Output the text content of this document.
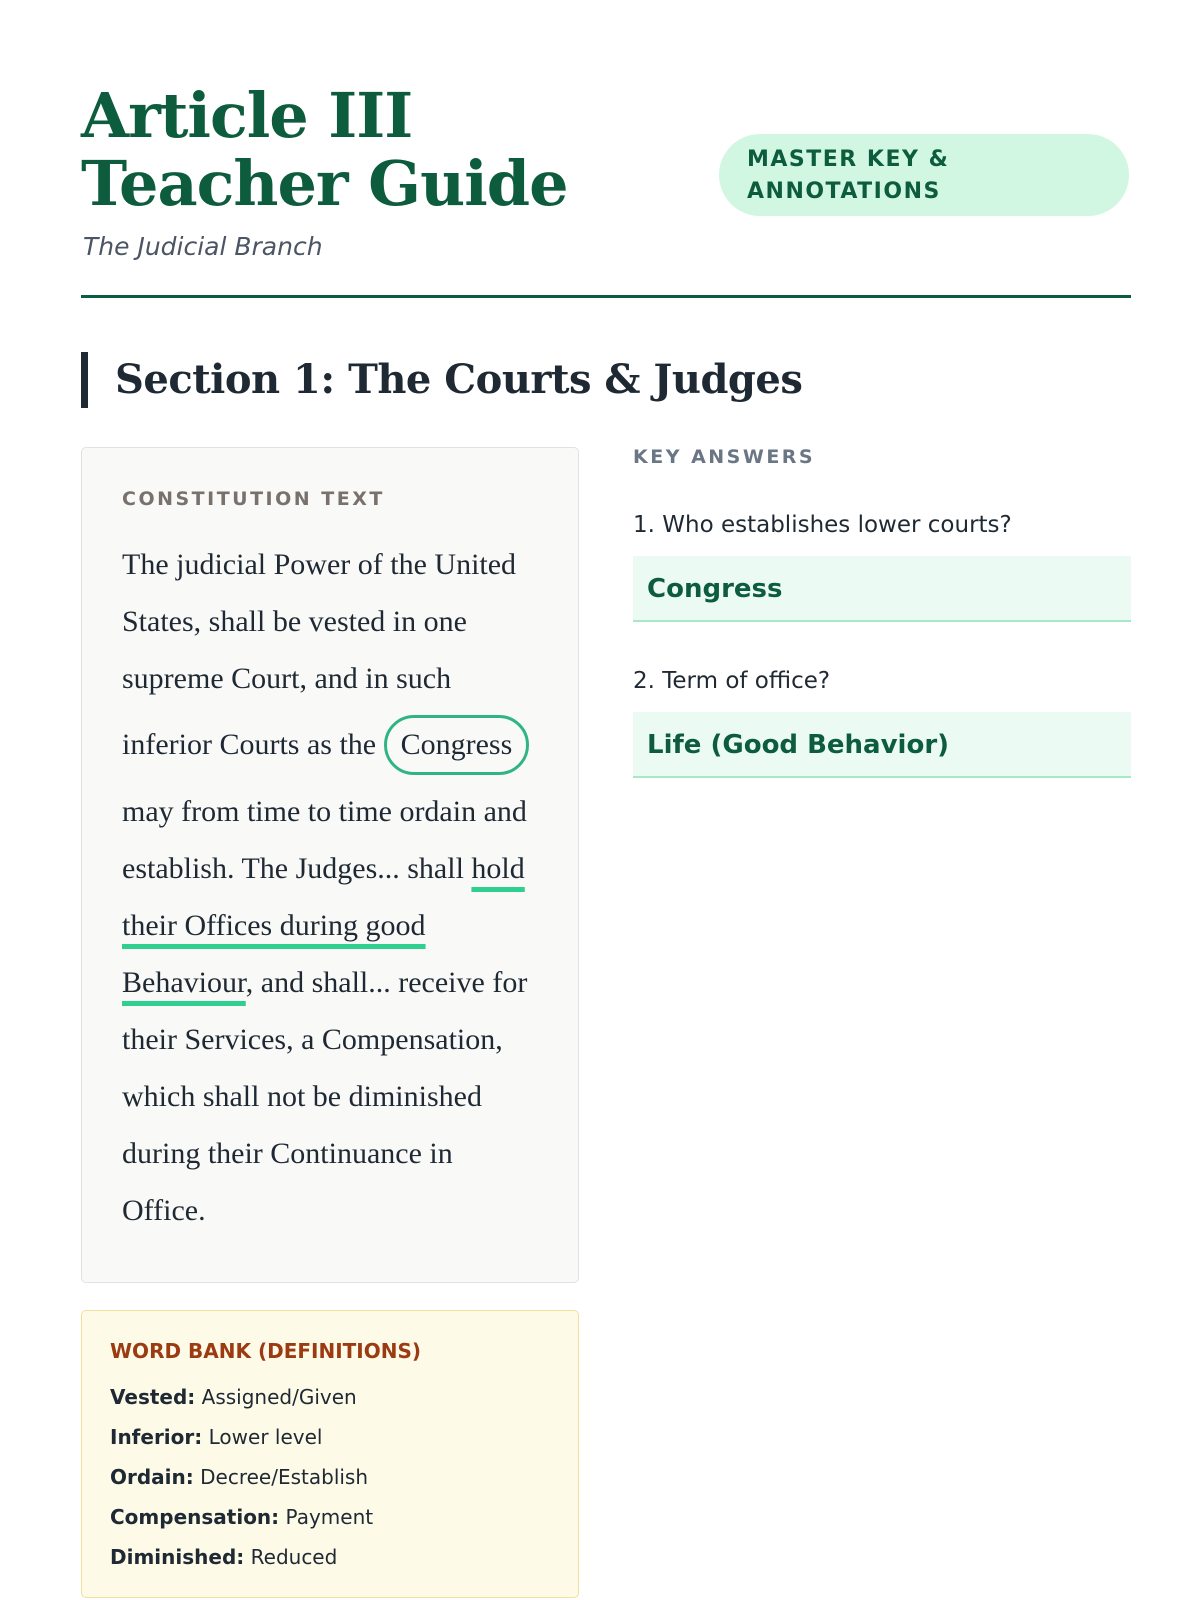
Article III Teacher Guide

The Judicial Branch

MASTER KEY &
ANNOTATIONS
Section 1: The Courts & Judges
CONSTITUTION TEXT

The judicial Power of the United States, shall be vested in one supreme Court, and in such inferior Courts as the Congress may from time to time ordain and establish. The Judges... shall hold their Offices during good Behaviour, and shall... receive for their Services, a Compensation, which shall not be diminished during their Continuance in Office.

WORD BANK (DEFINITIONS)
Vested: Assigned/Given
Inferior: Lower level
Ordain: Decree/Establish
Compensation: Payment
Diminished: Reduced
KEY ANSWERS
1. Who establishes lower courts?
Congress
2. Term of office?
Life (Good Behavior)
